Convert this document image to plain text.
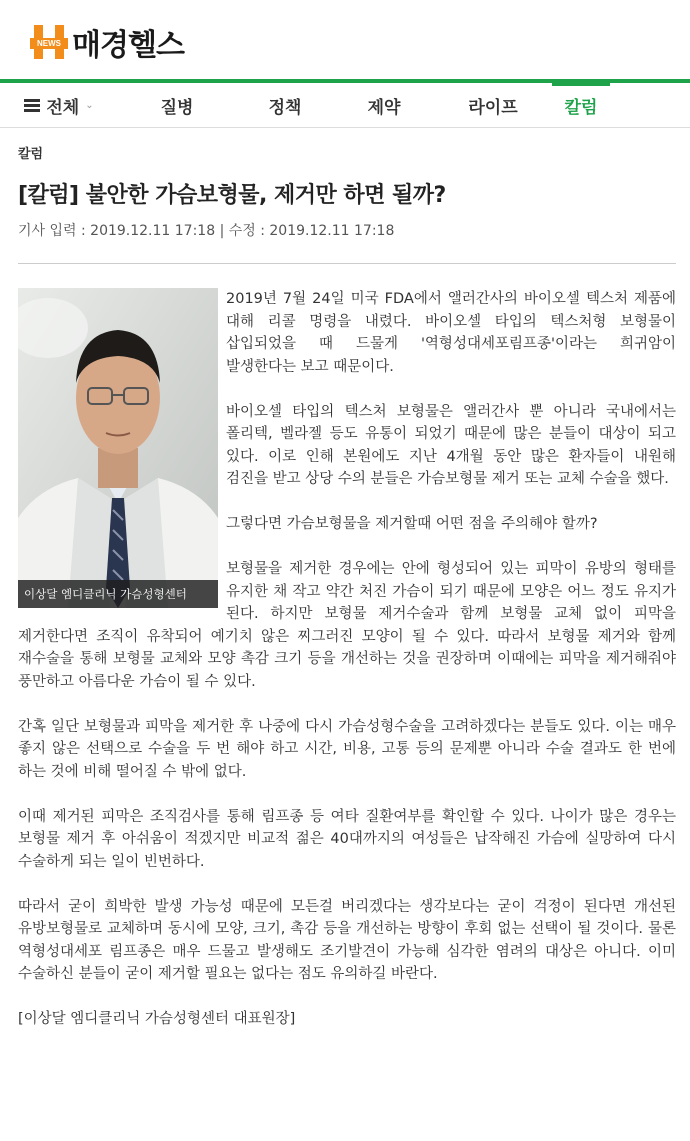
NEWS 매경헬스
전체 ⌄	질병	정책	제약	라이프	칼럼
칼럼
[칼럼] 불안한 가슴보형물, 제거만 하면 될까?
기사 입력 : 2019.12.11 17:18 | 수정 : 2019.12.11 17:18

2019년 7월 24일 미국 FDA에서 앨러간사의 바이오셀 텍스처 제품에 대해 리콜 명령을 내렸다. 바이오셀 타입의 텍스처형 보형물이 삽입되었을 때 드물게 '역형성대세포림프종'이라는 희귀암이 발생한다는 보고 때문이다.

바이오셀 타입의 텍스처 보형물은 앨러간사 뿐 아니라 국내에서는 폴리텍, 벨라젤 등도 유통이 되었기 때문에 많은 분들이 대상이 되고 있다. 이로 인해 본원에도 지난 4개월 동안 많은 환자들이 내원해 검진을 받고 상당 수의 분들은 가슴보형물 제거 또는 교체 수술을 했다.

그렇다면 가슴보형물을 제거할때 어떤 점을 주의해야 할까?

보형물을 제거한 경우에는 안에 형성되어 있는 피막이 유방의 형태를 유지한 채 작고 약간 처진 가슴이 되기 때문에 모양은 어느 정도 유지가 된다. 하지만 보형물 제거수술과 함께 보형물 교체 없이 피막을 제거한다면 조직이 유착되어 예기치 않은 찌그러진 모양이 될 수 있다. 따라서 보형물 제거와 함께 재수술을 통해 보형물 교체와 모양 촉감 크기 등을 개선하는 것을 권장하며 이때에는 피막을 제거해줘야 풍만하고 아름다운 가슴이 될 수 있다.

간혹 일단 보형물과 피막을 제거한 후 나중에 다시 가슴성형수술을 고려하겠다는 분들도 있다. 이는 매우 좋지 않은 선택으로 수술을 두 번 해야 하고 시간, 비용, 고통 등의 문제뿐 아니라 수술 결과도 한 번에 하는 것에 비해 떨어질 수 밖에 없다.

이때 제거된 피막은 조직검사를 통해 림프종 등 여타 질환여부를 확인할 수 있다. 나이가 많은 경우는 보형물 제거 후 아쉬움이 적겠지만 비교적 젊은 40대까지의 여성들은 납작해진 가슴에 실망하여 다시 수술하게 되는 일이 빈번하다.

따라서 굳이 희박한 발생 가능성 때문에 모든걸 버리겠다는 생각보다는 굳이 걱정이 된다면 개선된 유방보형물로 교체하며 동시에 모양, 크기, 촉감 등을 개선하는 방향이 후회 없는 선택이 될 것이다. 물론 역형성대세포 림프종은 매우 드물고 발생해도 조기발견이 가능해 심각한 염려의 대상은 아니다. 이미 수술하신 분들이 굳이 제거할 필요는 없다는 점도 유의하길 바란다.

[이상달 엠디클리닉 가슴성형센터 대표원장]

이상달 엠디클리닉 가슴성형센터
